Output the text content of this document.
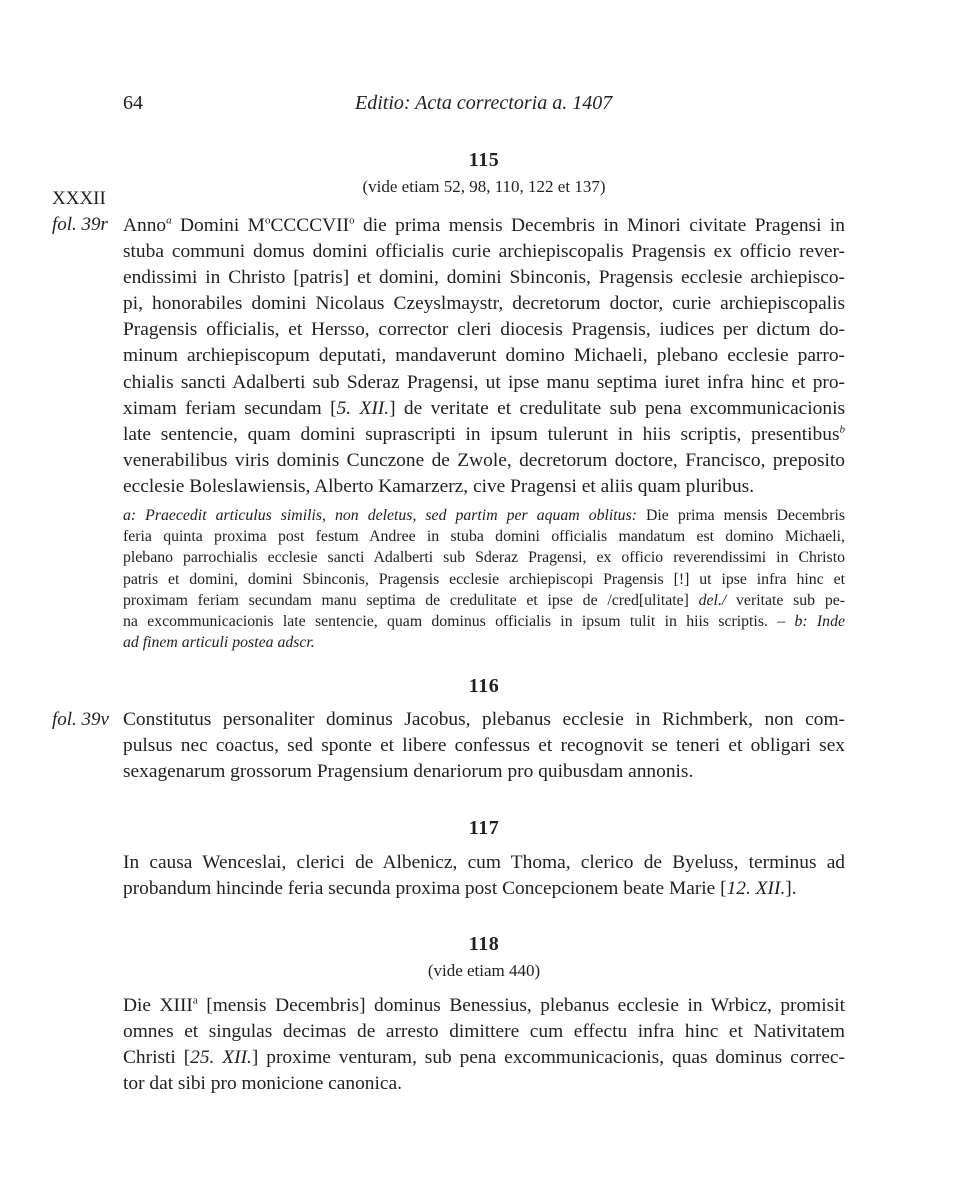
64	Editio: Acta correctoria a. 1407
115
(vide etiam 52, 98, 110, 122 et 137)
XXXII
fol. 39r Anno$^a$ Domini $M^oCCCCVII^o$ die prima mensis Decembris in Minori civitate Pragensi in
stuba communi domus domini officialis curie archiepiscopalis Pragensis ex officio rever-
endissimi in Christo [patris] et domini, domini Sbinconis, Pragensis ecclesie archiepisco-
pi, honorabiles domini Nicolaus Czeyslmaystr, decretorum doctor, curie archiepiscopalis
Pragensis officialis, et Hersso, corrector cleri diocesis Pragensis, iudices per dictum do-
minum archiepiscopum deputati, mandaverunt domino Michaeli, plebano ecclesie parro-
chialis sancti Adalberti sub Sderaz Pragensi, ut ipse manu septima iuret infra hinc et pro-
ximam feriam secundam [5. XII.] de veritate et credulitate sub pena excommunicacionis
late sentencie, quam domini suprascripti in ipsum tulerunt in hiis scriptis, presentibus$^b$
venerabilibus viris dominis Cunczone de Zwole, decretorum doctore, Francisco, preposito
ecclesie Boleslawiensis, Alberto Kamarzerz, cive Pragensi et aliis quam pluribus.
a: Praecedit articulus similis, non deletus, sed partim per aquam oblitus: Die prima mensis Decembris
feria quinta proxima post festum Andree in stuba domini officialis mandatum est domino Michaeli,
plebano parrochialis ecclesie sancti Adalberti sub Sderaz Pragensi, ex officio reverendissimi in Christo
patris et domini, domini Sbinconis, Pragensis ecclesie archiepiscopi Pragensis [!] ut ipse infra hinc et
proximam feriam secundam manu septima de credulitate et ipse de /cred[ulitate] del./ veritate sub pe-
na excommunicacionis late sentencie, quam dominus officialis in ipsum tulit in hiis scriptis. – b: Inde
ad finem articuli postea adscr.
116
fol. 39v Constitutus personaliter dominus Jacobus, plebanus ecclesie in Richmberk, non com-
pulsus nec coactus, sed sponte et libere confessus et recognovit se teneri et obligari sex
sexagenarum grossorum Pragensium denariorum pro quibusdam annonis.
117
In causa Wenceslai, clerici de Albenicz, cum Thoma, clerico de Byeluss, terminus ad
probandum hincinde feria secunda proxima post Concepcionem beate Marie [12. XII.].
118
(vide etiam 440)
Die XIII$^a$ [mensis Decembris] dominus Benessius, plebanus ecclesie in Wrbicz, promisit
omnes et singulas decimas de arresto dimittere cum effectu infra hinc et Nativitatem
Christi [25. XII.] proxime venturam, sub pena excommunicacionis, quas dominus correc-
tor dat sibi pro monicione canonica.
